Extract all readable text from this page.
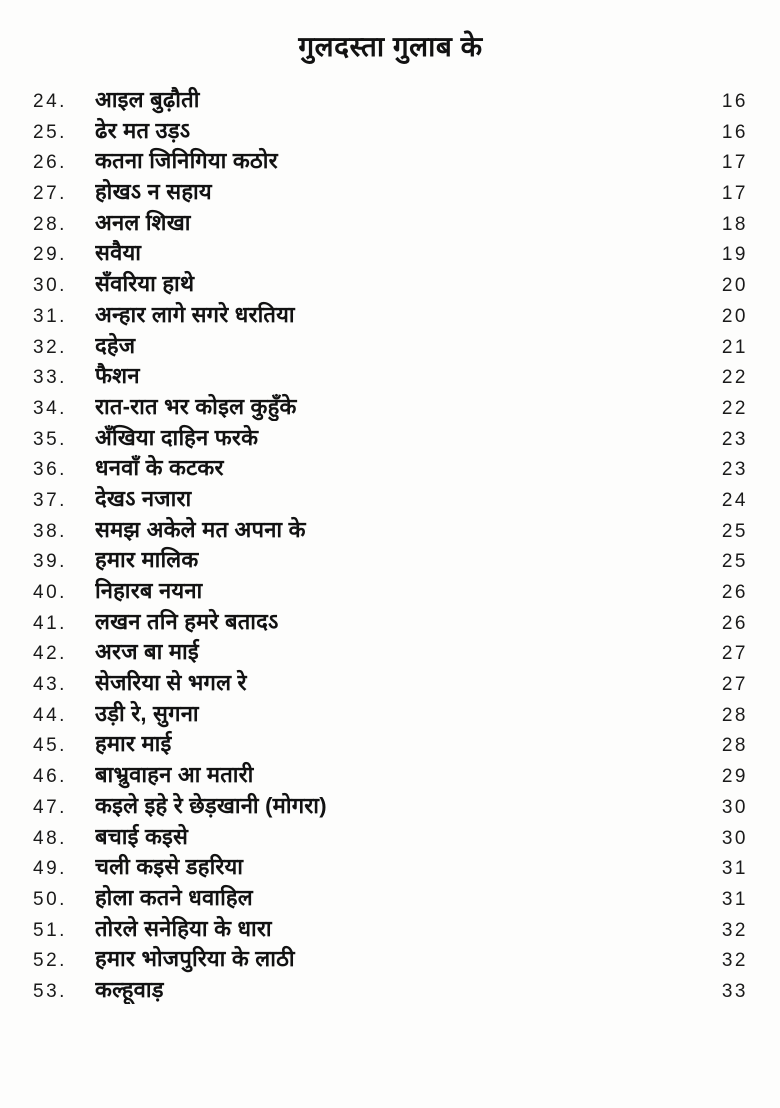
गुलदस्ता गुलाब के
24.	आइल बुढ़ौती	16
25.	ढेर मत उड़ऽ	16
26.	कतना जिनिगिया कठोर	17
27.	होखऽ न सहाय	17
28.	अनल शिखा	18
29.	सवैया	19
30.	सँवरिया हाथे	20
31.	अन्हार लागे सगरे धरतिया	20
32.	दहेज	21
33.	फैशन	22
34.	रात-रात भर कोइल कुहुँके	22
35.	अँखिया दाहिन फरके	23
36.	धनवाँ के कटकर	23
37.	देखऽ नजारा	24
38.	समझ अकेले मत अपना के	25
39.	हमार मालिक	25
40.	निहारब नयना	26
41.	लखन तनि हमरे बतादऽ	26
42.	अरज बा माई	27
43.	सेजरिया से भगल रे	27
44.	उड़ी रे, सुगना	28
45.	हमार माई	28
46.	बाभ्रुवाहन आ मतारी	29
47.	कइले इहे रे छेड़खानी (मोगरा)	30
48.	बचाई कइसे	30
49.	चली कइसे डहरिया	31
50.	होला कतने धवाहिल	31
51.	तोरले सनेहिया के धारा	32
52.	हमार भोजपुरिया के लाठी	32
53.	कल्हूवाड़	33
